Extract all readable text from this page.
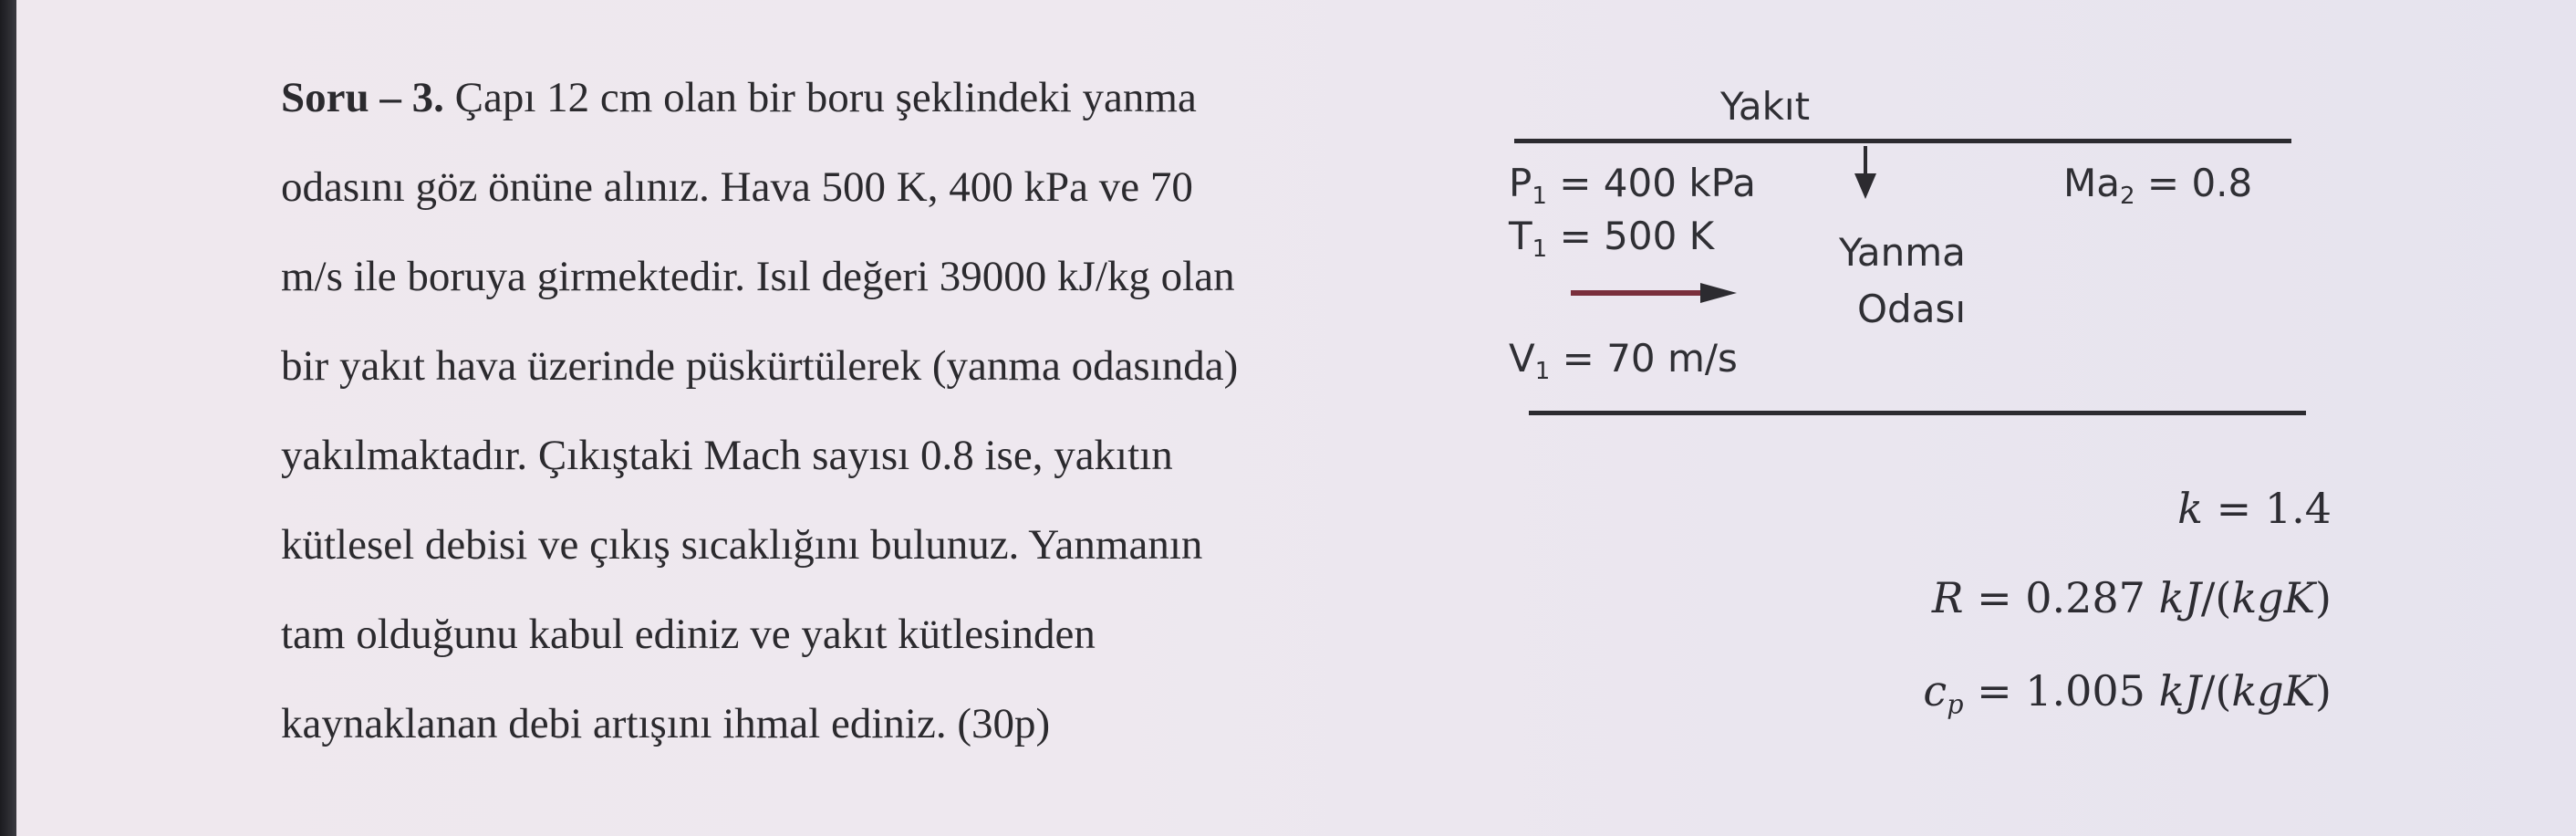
Soru – 3. Çapı 12 cm olan bir boru şeklindeki yanma
odasını göz önüne alınız. Hava 500 K, 400 kPa ve 70
m/s ile boruya girmektedir. Isıl değeri 39000 kJ/kg olan
bir yakıt hava üzerinde püskürtülerek (yanma odasında)
yakılmaktadır. Çıkıştaki Mach sayısı 0.8 ise, yakıtın
kütlesel debisi ve çıkış sıcaklığını bulunuz. Yanmanın
tam olduğunu kabul ediniz ve yakıt kütlesinden
kaynaklanan debi artışını ihmal ediniz. (30p)
Yakıt
$P_1 = 400$ kPa
$T_1 = 500$ K
$Ma_2 = 0.8$
Yanma
Odası
$V_1 = 70$ m/s
k = 1.4
R = 0.287 kJ/(kgK)
$c_p = 1.005$ kJ/(kgK)
